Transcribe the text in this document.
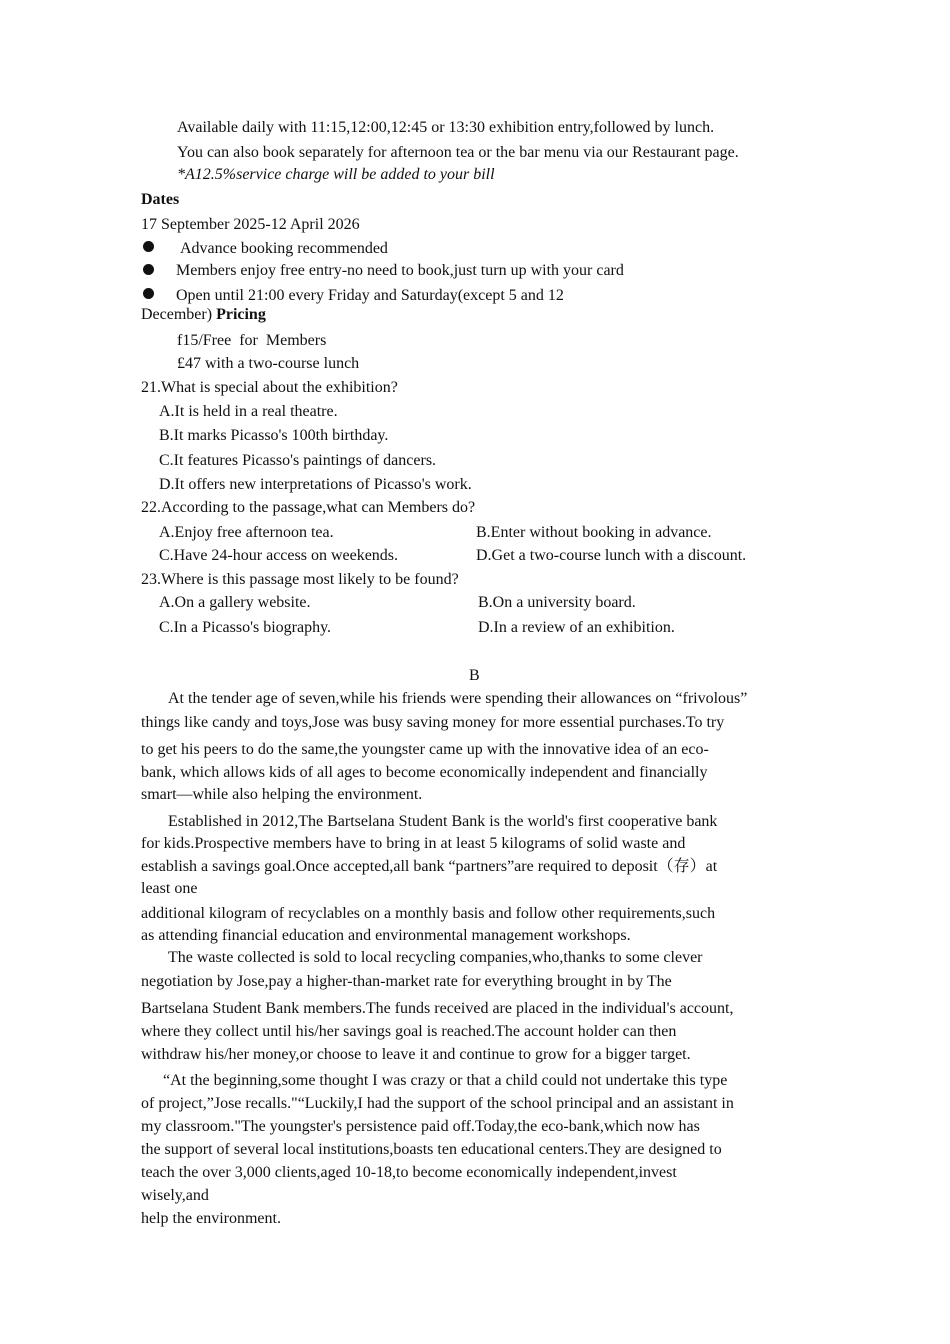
Available daily with 11:15,12:00,12:45 or 13:30 exhibition entry,followed by lunch.
You can also book separately for afternoon tea or the bar menu via our Restaurant page.
*A12.5%service charge will be added to your bill
Dates
17 September 2025-12 April 2026
Advance booking recommended
Members enjoy free entry-no need to book,just turn up with your card
Open until 21:00 every Friday and Saturday(except 5 and 12
December) Pricing
f15/Free  for  Members
£47 with a two-course lunch
21.What is special about the exhibition?
A.It is held in a real theatre.
B.It marks Picasso's 100th birthday.
C.It features Picasso's paintings of dancers.
D.It offers new interpretations of Picasso's work.
22.According to the passage,what can Members do?
A.Enjoy free afternoon tea.	B.Enter without booking in advance.
C.Have 24-hour access on weekends.	D.Get a two-course lunch with a discount.
23.Where is this passage most likely to be found?
A.On a gallery website.	B.On a university board.
C.In a Picasso's biography.	D.In a review of an exhibition.
B
At the tender age of seven,while his friends were spending their allowances on “frivolous”
things like candy and toys,Jose was busy saving money for more essential purchases.To try
to get his peers to do the same,the youngster came up with the innovative idea of an eco-
bank, which allows kids of all ages to become economically independent and financially
smart—while also helping the environment.
Established in 2012,The Bartselana Student Bank is the world's first cooperative bank
for kids.Prospective members have to bring in at least 5 kilograms of solid waste and
establish a savings goal.Once accepted,all bank “partners”are required to deposit（存）at
least one
additional kilogram of recyclables on a monthly basis and follow other requirements,such
as attending financial education and environmental management workshops.
The waste collected is sold to local recycling companies,who,thanks to some clever
negotiation by Jose,pay a higher-than-market rate for everything brought in by The
Bartselana Student Bank members.The funds received are placed in the individual's account,
where they collect until his/her savings goal is reached.The account holder can then
withdraw his/her money,or choose to leave it and continue to grow for a bigger target.
“At the beginning,some thought I was crazy or that a child could not undertake this type
of project,”Jose recalls."“Luckily,I had the support of the school principal and an assistant in
my classroom."The youngster's persistence paid off.Today,the eco-bank,which now has
the support of several local institutions,boasts ten educational centers.They are designed to
teach the over 3,000 clients,aged 10-18,to become economically independent,invest
wisely,and
help the environment.
